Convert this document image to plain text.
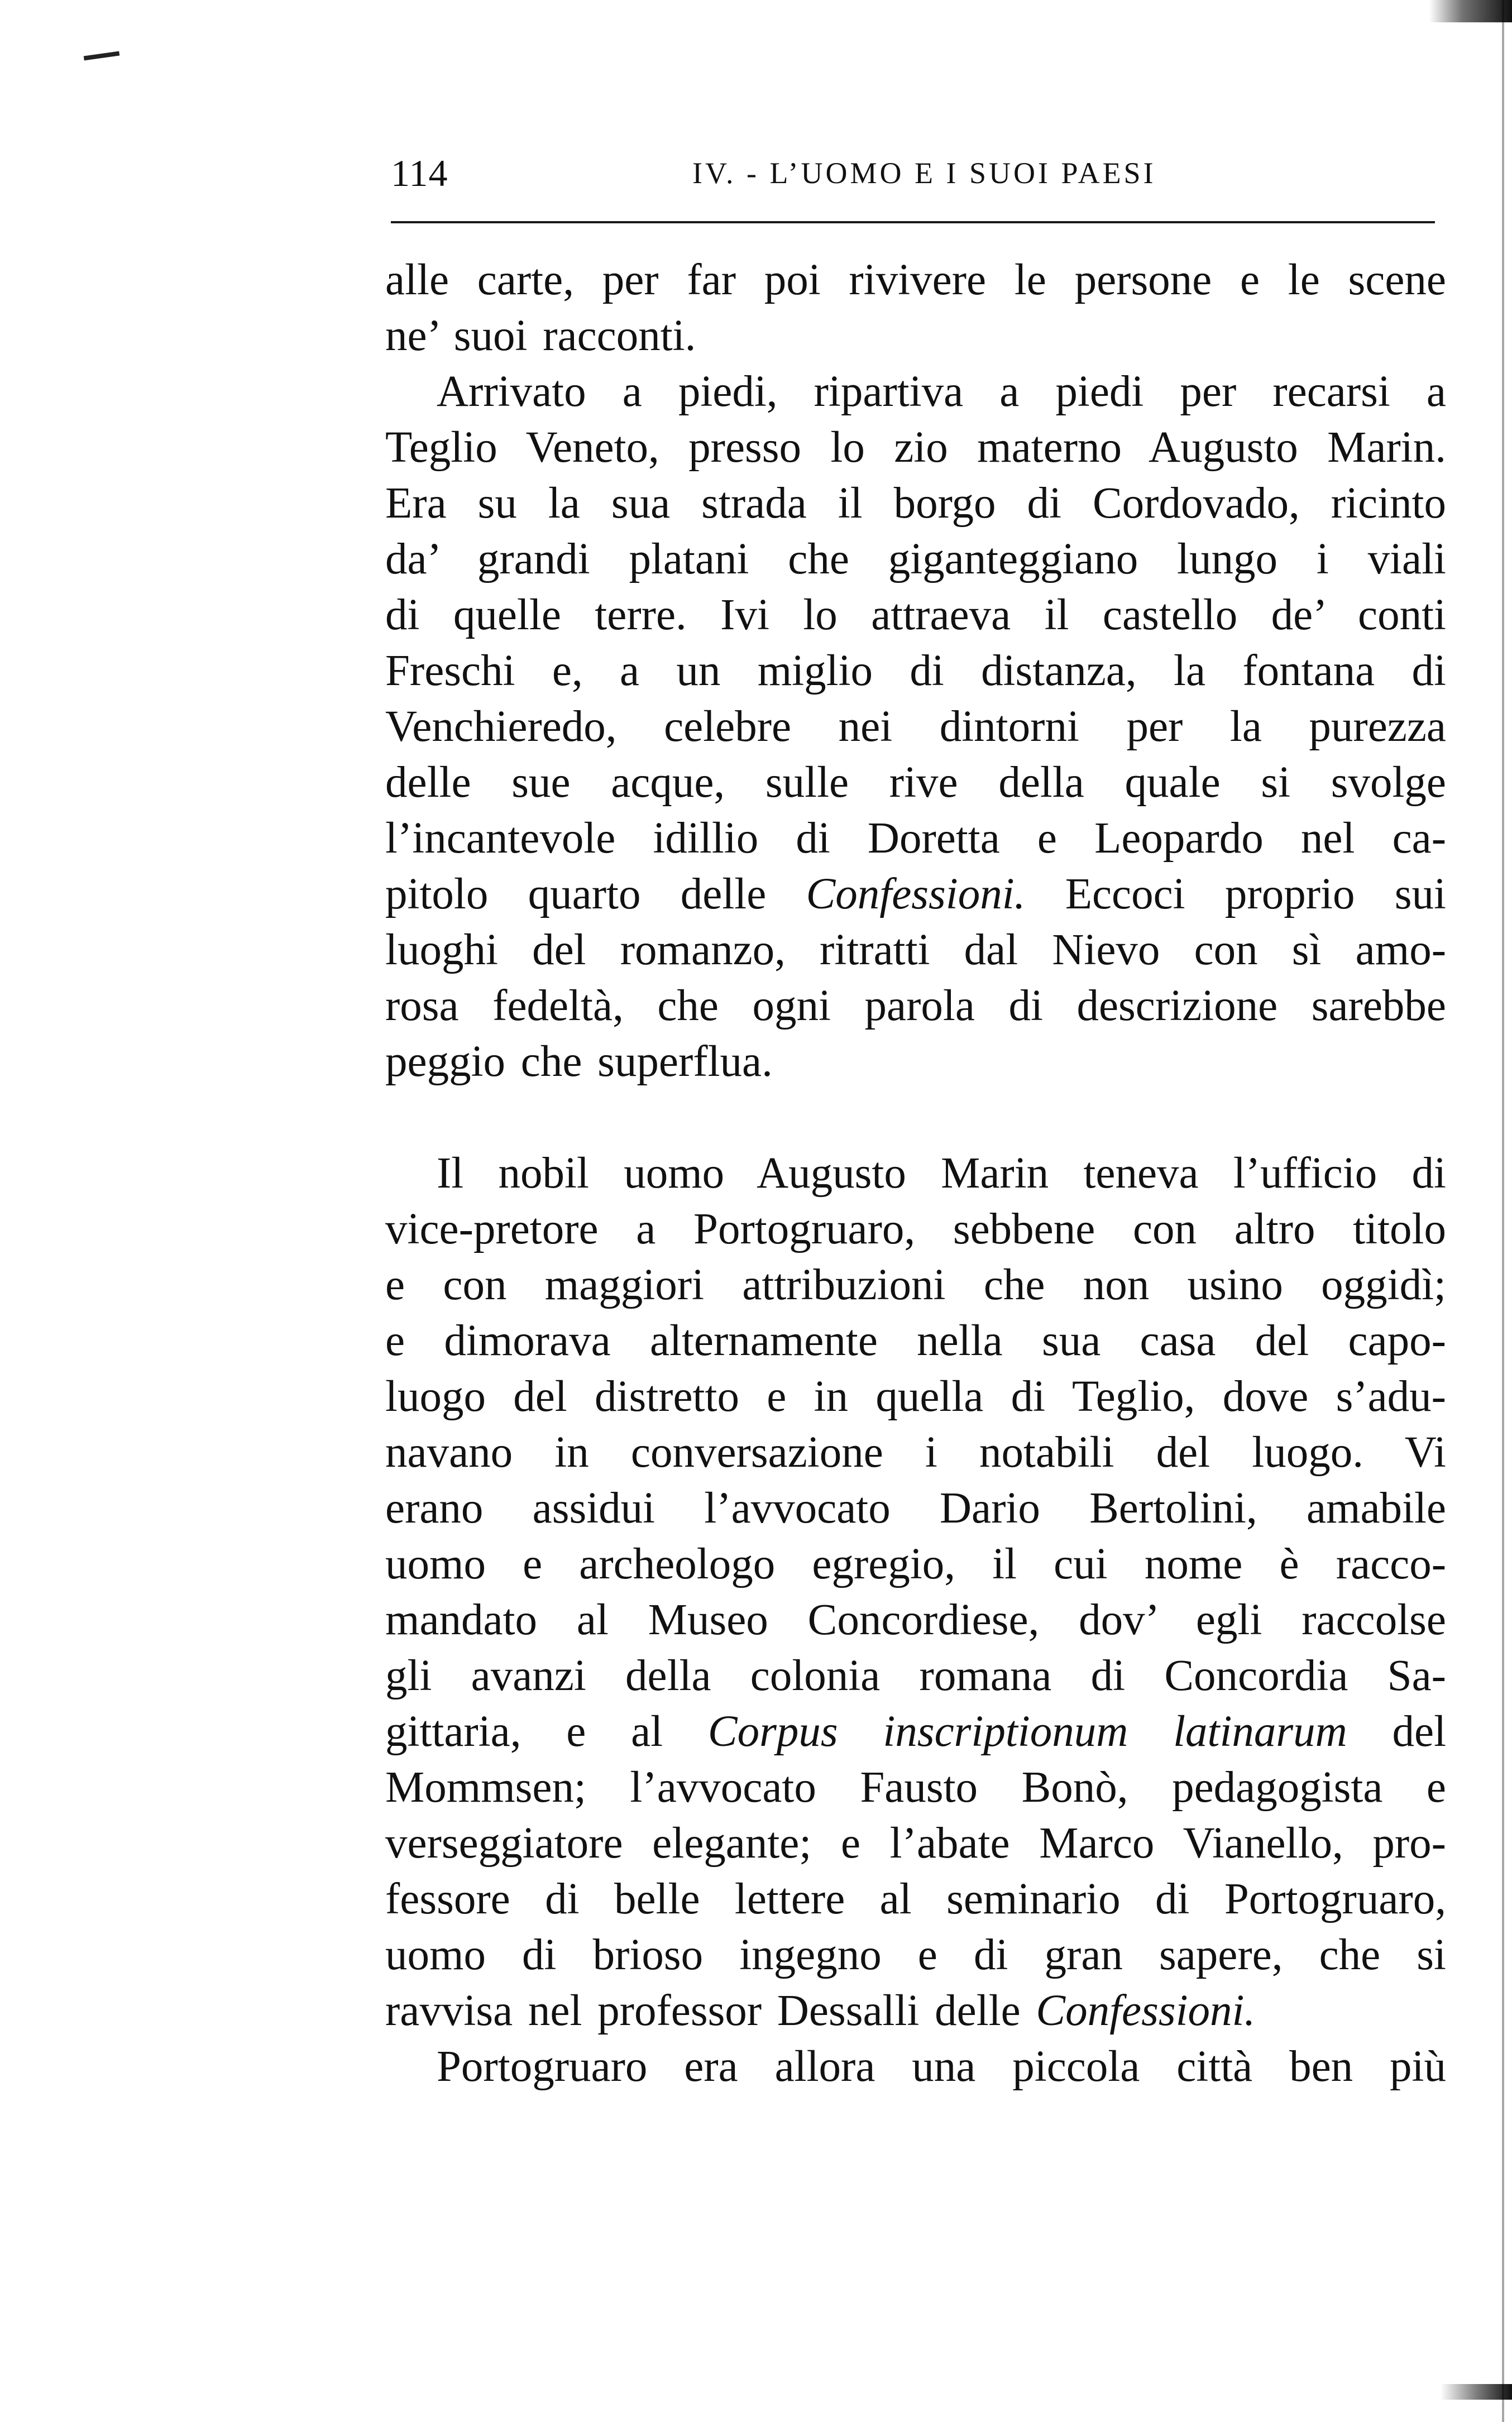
114	IV. - L’UOMO E I SUOI PAESI
alle carte, per far poi rivivere le persone e le scene
ne’ suoi racconti.
Arrivato a piedi, ripartiva a piedi per recarsi a
Teglio Veneto, presso lo zio materno Augusto Marin.
Era su la sua strada il borgo di Cordovado, ricinto
da’ grandi platani che giganteggiano lungo i viali
di quelle terre. Ivi lo attraeva il castello de’ conti
Freschi e, a un miglio di distanza, la fontana di
Venchieredo, celebre nei dintorni per la purezza
delle sue acque, sulle rive della quale si svolge
l’incantevole idillio di Doretta e Leopardo nel ca-
pitolo quarto delle Confessioni. Eccoci proprio sui
luoghi del romanzo, ritratti dal Nievo con sì amo-
rosa fedeltà, che ogni parola di descrizione sarebbe
peggio che superflua.
Il nobil uomo Augusto Marin teneva l’ufficio di
vice-pretore a Portogruaro, sebbene con altro titolo
e con maggiori attribuzioni che non usino oggidì;
e dimorava alternamente nella sua casa del capo-
luogo del distretto e in quella di Teglio, dove s’adu-
navano in conversazione i notabili del luogo. Vi
erano assidui l’avvocato Dario Bertolini, amabile
uomo e archeologo egregio, il cui nome è racco-
mandato al Museo Concordiese, dov’ egli raccolse
gli avanzi della colonia romana di Concordia Sa-
gittaria, e al Corpus inscriptionum latinarum del
Mommsen; l’avvocato Fausto Bonò, pedagogista e
verseggiatore elegante; e l’abate Marco Vianello, pro-
fessore di belle lettere al seminario di Portogruaro,
uomo di brioso ingegno e di gran sapere, che si
ravvisa nel professor Dessalli delle Confessioni.
Portogruaro era allora una piccola città ben più
